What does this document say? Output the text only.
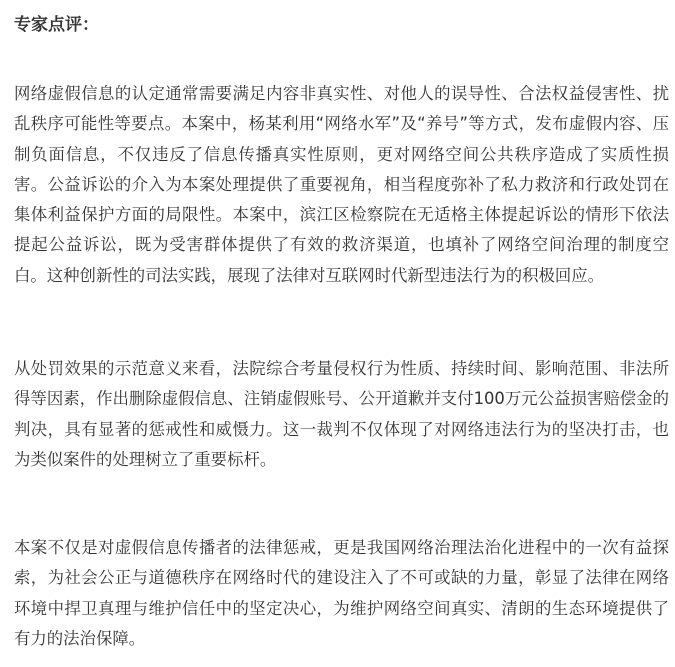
专家点评：

网络虚假信息的认定通常需要满足内容非真实性、对他人的误导性、合法权益侵害性、扰乱秩序可能性等要点。本案中，杨某利用“网络水军”及“养号”等方式，发布虚假内容、压制负面信息，不仅违反了信息传播真实性原则，更对网络空间公共秩序造成了实质性损害。公益诉讼的介入为本案处理提供了重要视角，相当程度弥补了私力救济和行政处罚在集体利益保护方面的局限性。本案中，滨江区检察院在无适格主体提起诉讼的情形下依法提起公益诉讼，既为受害群体提供了有效的救济渠道，也填补了网络空间治理的制度空白。这种创新性的司法实践，展现了法律对互联网时代新型违法行为的积极回应。

从处罚效果的示范意义来看，法院综合考量侵权行为性质、持续时间、影响范围、非法所得等因素，作出删除虚假信息、注销虚假账号、公开道歉并支付100万元公益损害赔偿金的判决，具有显著的惩戒性和威慑力。这一裁判不仅体现了对网络违法行为的坚决打击，也为类似案件的处理树立了重要标杆。

本案不仅是对虚假信息传播者的法律惩戒，更是我国网络治理法治化进程中的一次有益探索，为社会公正与道德秩序在网络时代的建设注入了不可或缺的力量，彰显了法律在网络环境中捍卫真理与维护信任中的坚定决心，为维护网络空间真实、清朗的生态环境提供了有力的法治保障。
